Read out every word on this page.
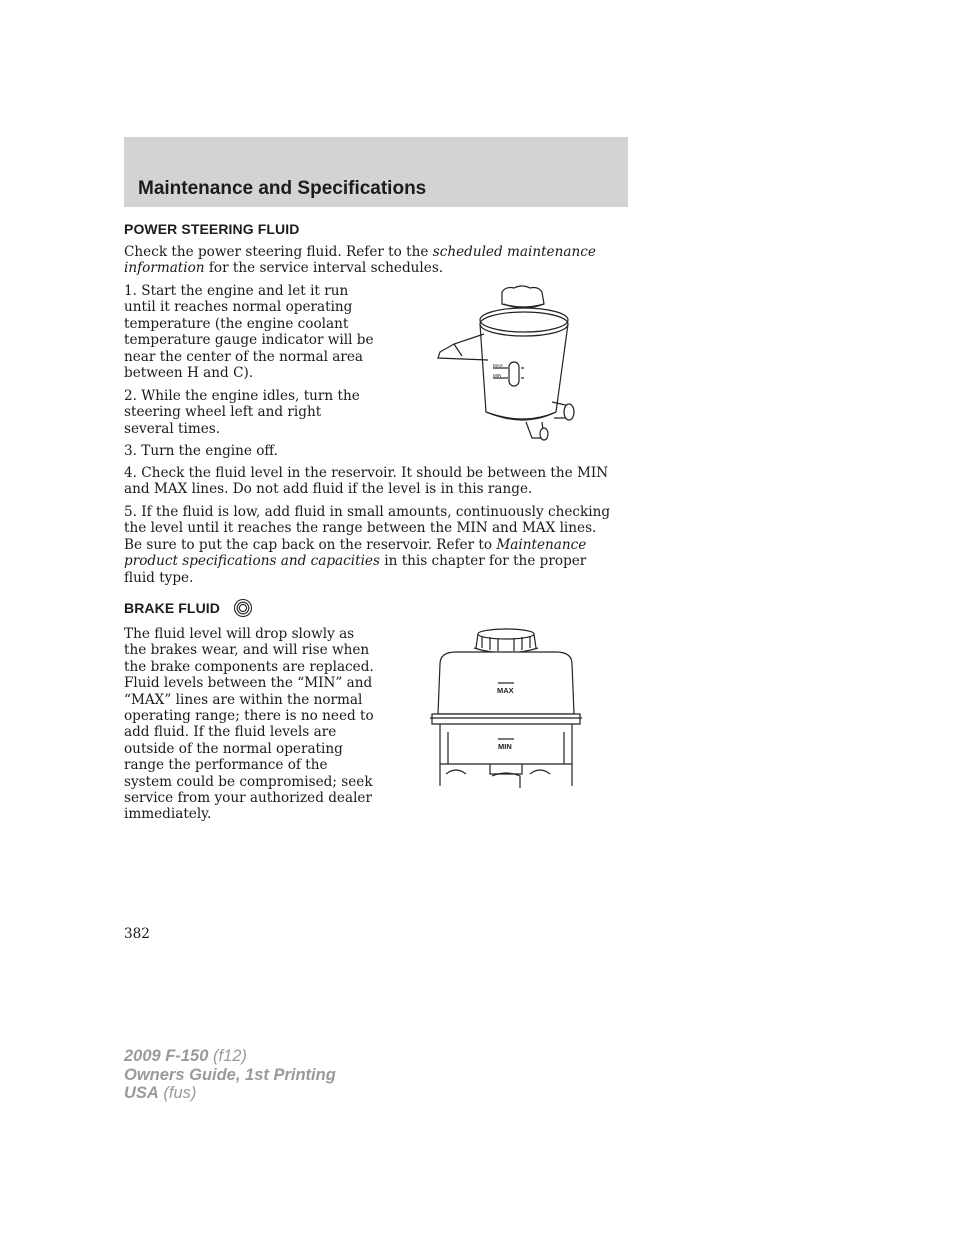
Maintenance and Specifications
POWER STEERING FLUID

Check the power steering fluid. Refer to the scheduled maintenance information for the service interval schedules.

1. Start the engine and let it run until it reaches normal operating temperature (the engine coolant temperature gauge indicator will be near the center of the normal area between H and C).

2. While the engine idles, turn the steering wheel left and right several times.

3. Turn the engine off.

4. Check the fluid level in the reservoir. It should be between the MIN and MAX lines. Do not add fluid if the level is in this range.

5. If the fluid is low, add fluid in small amounts, continuously checking the level until it reaches the range between the MIN and MAX lines. Be sure to put the cap back on the reservoir. Refer to Maintenance product specifications and capacities in this chapter for the proper fluid type.

MAX
MIN
BRAKE FLUID

The fluid level will drop slowly as the brakes wear, and will rise when the brake components are replaced. Fluid levels between the “MIN” and “MAX” lines are within the normal operating range; there is no need to add fluid. If the fluid levels are outside of the normal operating range the performance of the system could be compromised; seek service from your authorized dealer immediately.

MAX
MIN
382
2009 F-150 (f12)
Owners Guide, 1st Printing
USA (fus)
